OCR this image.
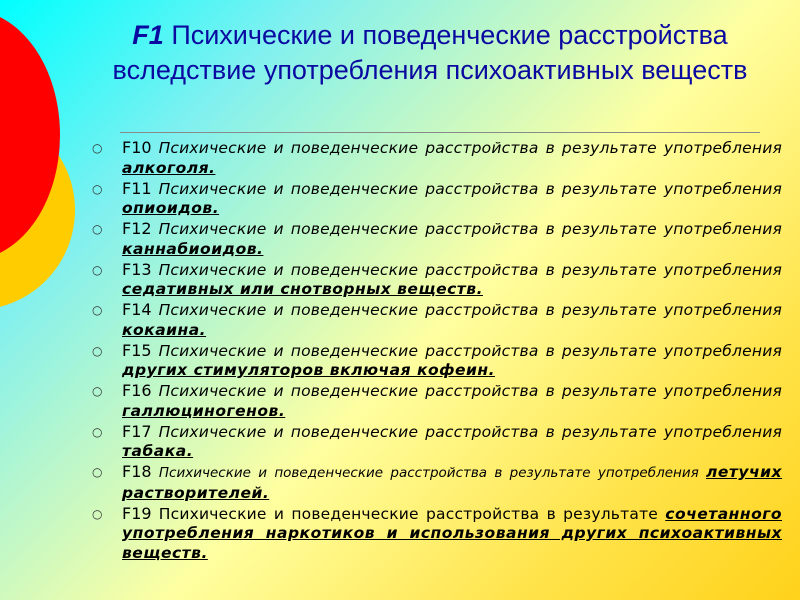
F1 Психические и поведенческие расстройства вследствие употребления психоактивных веществ
○ F10 Психические и поведенческие расстройства в результате употребления алкоголя.
○ F11 Психические и поведенческие расстройства в результате употребления опиоидов.
○ F12 Психические и поведенческие расстройства в результате употребления каннабиоидов.
○ F13 Психические и поведенческие расстройства в результате употребления седативных или снотворных веществ.
○ F14 Психические и поведенческие расстройства в результате употребления кокаина.
○ F15 Психические и поведенческие расстройства в результате употребления других стимуляторов включая кофеин.
○ F16 Психические и поведенческие расстройства в результате употребления галлюциногенов.
○ F17 Психические и поведенческие расстройства в результате употребления табака.
○ F18 Психические и поведенческие расстройства в результате употребления летучих растворителей.
○ F19 Психические и поведенческие расстройства в результате сочетанного употребления наркотиков и использования других психоактивных веществ.
